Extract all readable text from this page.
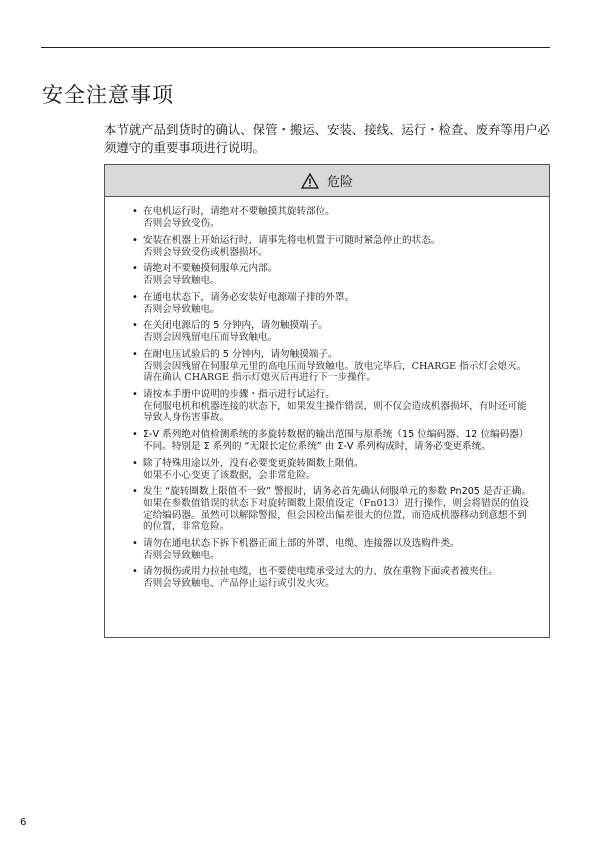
安全注意事项

本节就产品到货时的确认、保管・搬运、安装、接线、运行・检查、废弃等用户必须遵守的重要事项进行说明。

危险
• 在电机运行时，请绝对不要触摸其旋转部位。
否则会导致受伤。
• 安装在机器上开始运行时，请事先将电机置于可随时紧急停止的状态。
否则会导致受伤或机器损坏。
• 请绝对不要触摸伺服单元内部。
否则会导致触电。
• 在通电状态下，请务必安装好电源端子排的外罩。
否则会导致触电。
• 在关闭电源后的 5 分钟内，请勿触摸端子。
否则会因残留电压而导致触电。
• 在耐电压试验后的 5 分钟内，请勿触摸端子。
否则会因残留在伺服单元里的高电压而导致触电。放电完毕后，CHARGE 指示灯会熄灭。请在确认 CHARGE 指示灯熄灭后再进行下一步操作。
• 请按本手册中说明的步骤・指示进行试运行。
在伺服电机和机器连接的状态下，如果发生操作错误，则不仅会造成机器损坏，有时还可能导致人身伤害事故。
• Σ-V 系列绝对值检测系统的多旋转数据的输出范围与原系统（15 位编码器、12 位编码器）不同。特别是 Σ 系列的 “无限长定位系统” 由 Σ-V 系列构成时，请务必变更系统。
• 除了特殊用途以外，没有必要变更旋转圈数上限值。
如果不小心变更了该数据，会非常危险。
• 发生 “旋转圈数上限值不一致” 警报时，请务必首先确认伺服单元的参数 Pn205 是否正确。
如果在参数值错误的状态下对旋转圈数上限值设定（Fn013）进行操作，则会将错误的值设定给编码器。虽然可以解除警报，但会因检出偏差很大的位置，而造成机器移动到意想不到的位置，非常危险。
• 请勿在通电状态下拆下机器正面上部的外罩、电缆、连接器以及选购件类。
否则会导致触电。
• 请勿损伤或用力拉扯电缆，也不要使电缆承受过大的力、放在重物下面或者被夹住。
否则会导致触电、产品停止运行或引发火灾。
6
